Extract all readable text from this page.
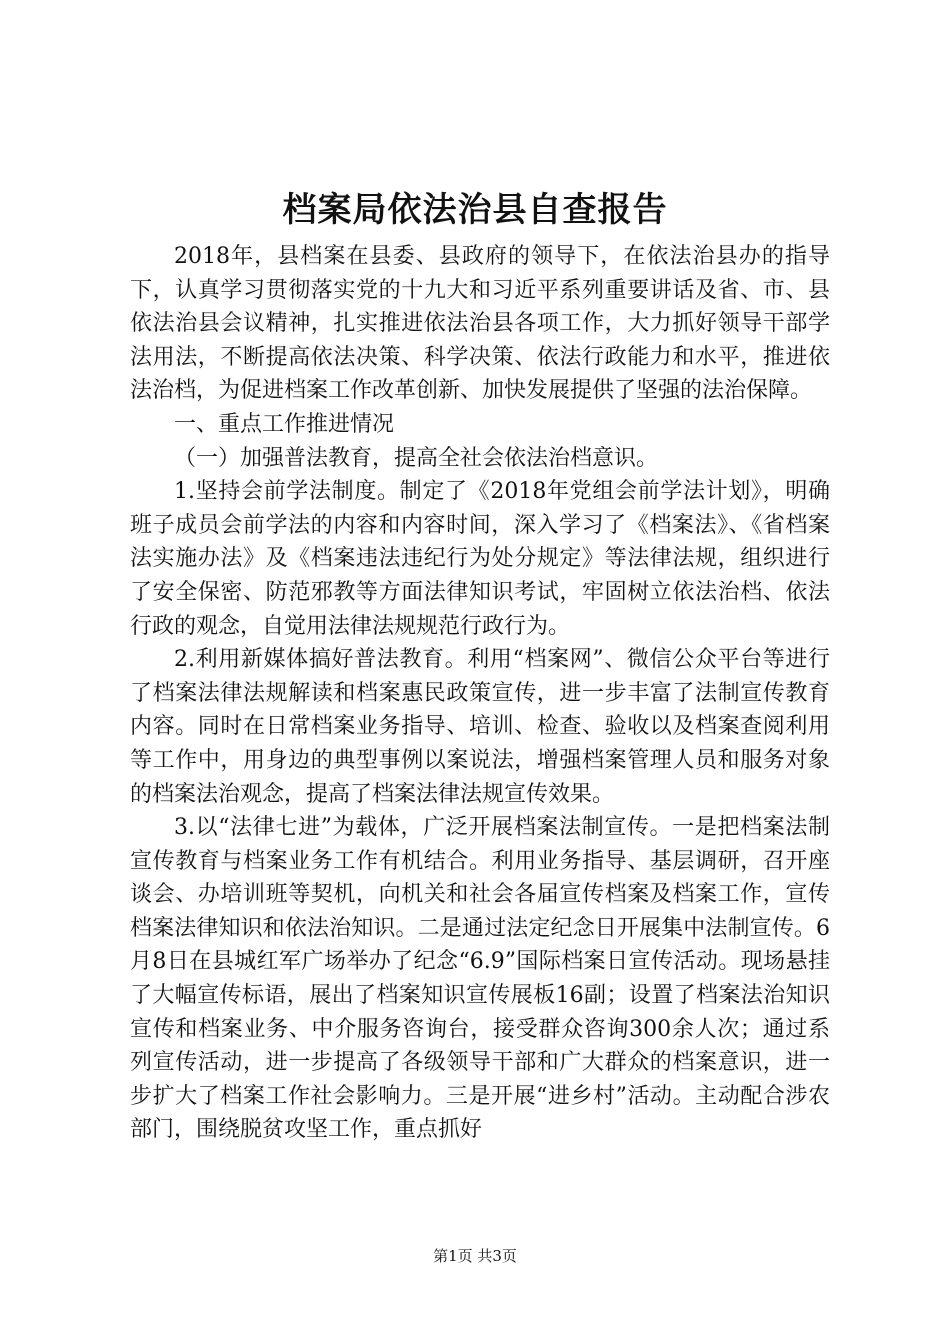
档案局依法治县自查报告

2018年，县档案在县委、县政府的领导下，在依法治县办的指导下，认真学习贯彻落实党的十九大和习近平系列重要讲话及省、市、县依法治县会议精神，扎实推进依法治县各项工作，大力抓好领导干部学法用法，不断提高依法决策、科学决策、依法行政能力和水平，推进依法治档，为促进档案工作改革创新、加快发展提供了坚强的法治保障。

一、重点工作推进情况

（一）加强普法教育，提高全社会依法治档意识。

1.坚持会前学法制度。制定了《2018年党组会前学法计划》，明确班子成员会前学法的内容和内容时间，深入学习了《档案法》、《省档案法实施办法》及《档案违法违纪行为处分规定》等法律法规，组织进行了安全保密、防范邪教等方面法律知识考试，牢固树立依法治档、依法行政的观念，自觉用法律法规规范行政行为。

2.利用新媒体搞好普法教育。利用“档案网”、微信公众平台等进行了档案法律法规解读和档案惠民政策宣传，进一步丰富了法制宣传教育内容。同时在日常档案业务指导、培训、检查、验收以及档案查阅利用等工作中，用身边的典型事例以案说法，增强档案管理人员和服务对象的档案法治观念，提高了档案法律法规宣传效果。

3.以“法律七进”为载体，广泛开展档案法制宣传。一是把档案法制宣传教育与档案业务工作有机结合。利用业务指导、基层调研，召开座谈会、办培训班等契机，向机关和社会各届宣传档案及档案工作，宣传档案法律知识和依法治知识。二是通过法定纪念日开展集中法制宣传。6月8日在县城红军广场举办了纪念“6.9”国际档案日宣传活动。现场悬挂了大幅宣传标语，展出了档案知识宣传展板16副；设置了档案法治知识宣传和档案业务、中介服务咨询台，接受群众咨询300余人次；通过系列宣传活动，进一步提高了各级领导干部和广大群众的档案意识，进一步扩大了档案工作社会影响力。三是开展“进乡村”活动。主动配合涉农部门，围绕脱贫攻坚工作，重点抓好

第1页 共3页
